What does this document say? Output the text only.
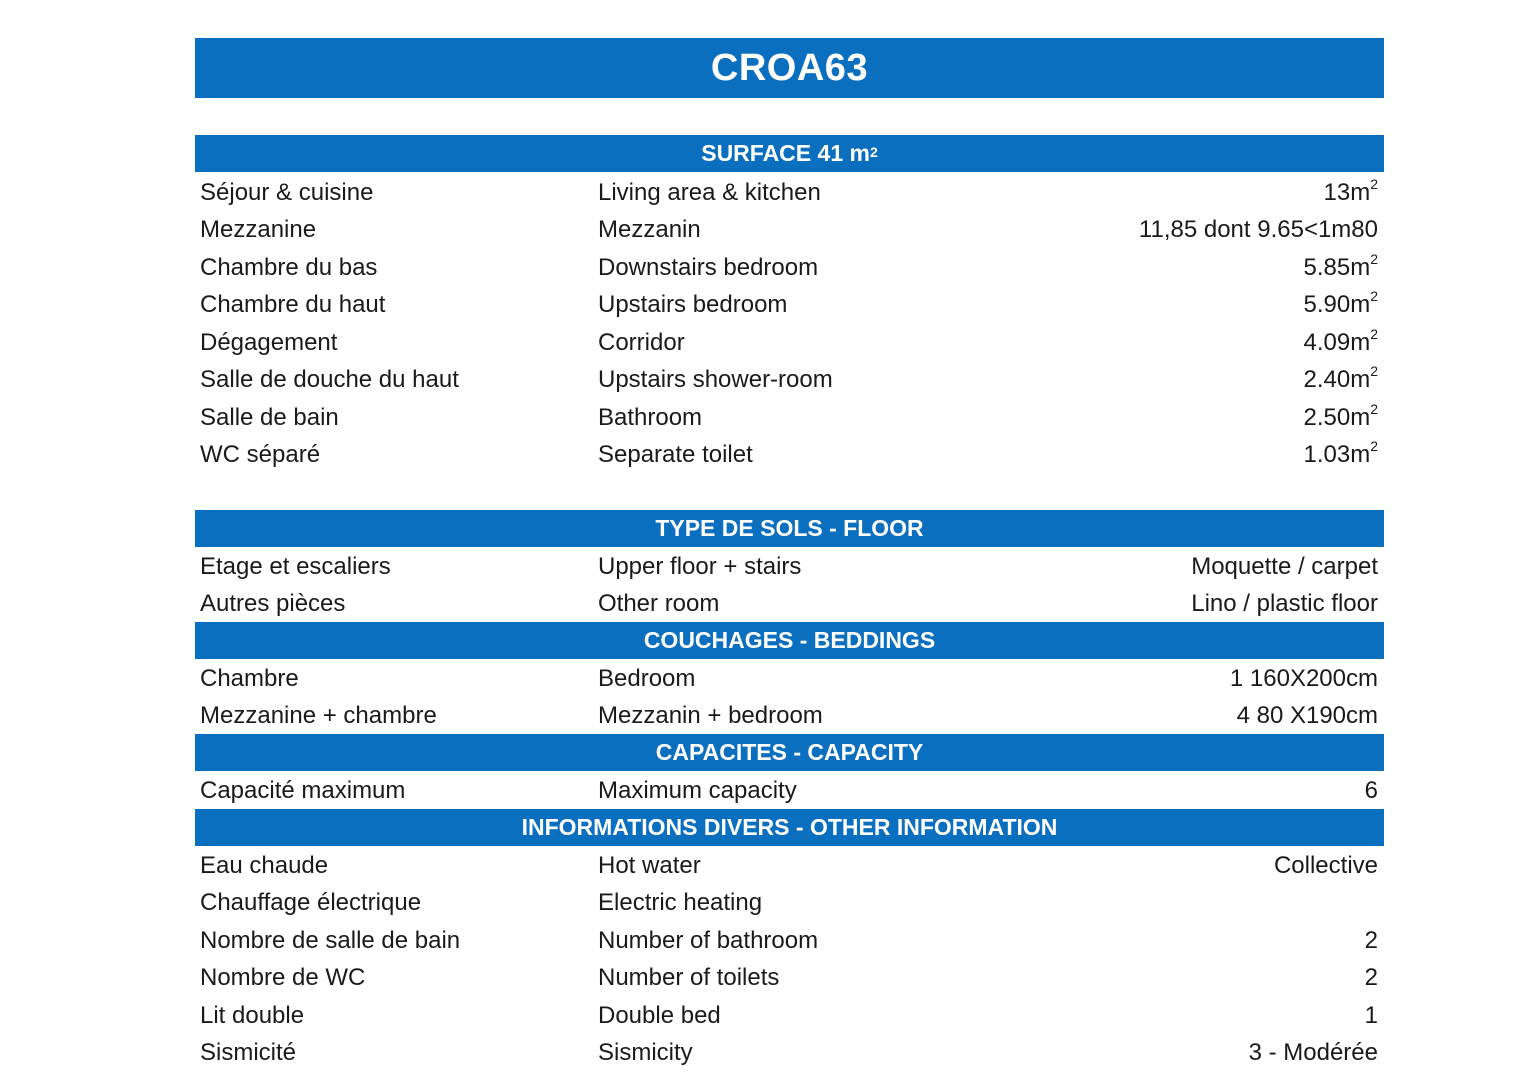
CROA63
SURFACE 41 $m^2$
Séjour & cuisine	Living area & kitchen	$13m^2$
Mezzanine	Mezzanin	11,85 dont 9.65<1m80
Chambre du bas	Downstairs bedroom	$5.85m^2$
Chambre du haut	Upstairs bedroom	$5.90m^2$
Dégagement	Corridor	$4.09m^2$
Salle de douche du haut	Upstairs shower-room	$2.40m^2$
Salle de bain	Bathroom	$2.50m^2$
WC séparé	Separate toilet	$1.03m^2$
TYPE DE SOLS - FLOOR
Etage et escaliers	Upper floor + stairs	Moquette / carpet
Autres pièces	Other room	Lino / plastic floor
COUCHAGES - BEDDINGS
Chambre	Bedroom	1 160X200cm
Mezzanine + chambre	Mezzanin + bedroom	4 80 X190cm
CAPACITES - CAPACITY
Capacité maximum	Maximum capacity	6
INFORMATIONS DIVERS - OTHER INFORMATION
Eau chaude	Hot water	Collective
Chauffage électrique	Electric heating
Nombre de salle de bain	Number of bathroom	2
Nombre de WC	Number of toilets	2
Lit double	Double bed	1
Sismicité	Sismicity	3 - Modérée
